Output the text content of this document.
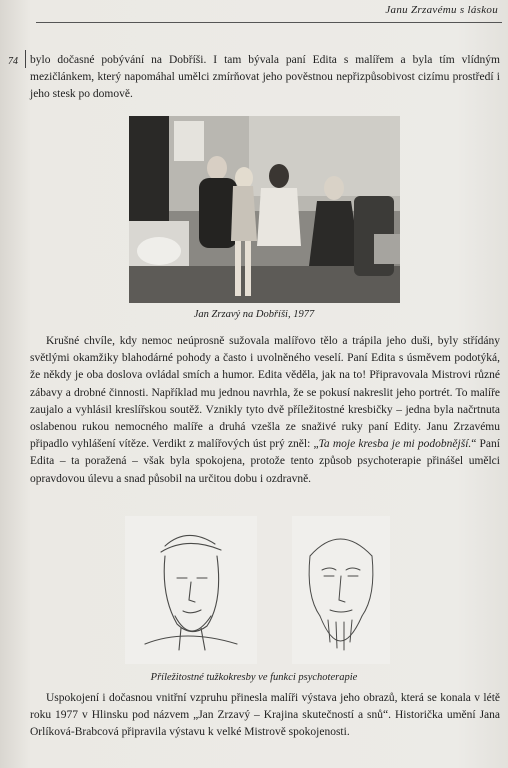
Janu Zrzavému s láskou
74 bylo dočasné pobývání na Dobříši. I tam bývala paní Edita s malířem a byla tím vlídným mezičlánkem, který napomáhal umělci zmírňovat jeho pověstnou nepřizpůsobivost cizímu prostředí i jeho stesk po domově.
Jan Zrzavý na Dobříši, 1977
Krušné chvíle, kdy nemoc neúprosně sužovala malířovo tělo a trápila jeho duši, byly střídány světlými okamžiky blahodárné pohody a často i uvolněného veselí. Paní Edita s úsměvem podotýká, že někdy je oba doslova ovládal smích a humor. Edita věděla, jak na to! Připravovala Mistrovi různé zábavy a drobné činnosti. Například mu jednou navrhla, že se pokusí nakreslit jeho portrét. To malíře zaujalo a vyhlásil kreslířskou soutěž. Vznikly tyto dvě příležitostné kresbičky – jedna byla načrtnuta oslabenou rukou nemocného malíře a druhá vzešla ze snaživé ruky paní Edity. Janu Zrzavému připadlo vyhlášení vítěze. Verdikt z malířových úst prý zněl: „Ta moje kresba je mi podobnější.“ Paní Edita – ta poražená – však byla spokojena, protože tento způsob psychoterapie přinášel umělci opravdovou úlevu a snad působil na určitou dobu i ozdravně.
Příležitostné tužkokresby ve funkci psychoterapie
Uspokojení i dočasnou vnitřní vzpruhu přinesla malíři výstava jeho obrazů, která se konala v létě roku 1977 v Hlinsku pod názvem „Jan Zrzavý – Krajina skutečností a snů“. Historička umění Jana Orlíková-Brabcová připravila výstavu k velké Mistrově spokojenosti.
